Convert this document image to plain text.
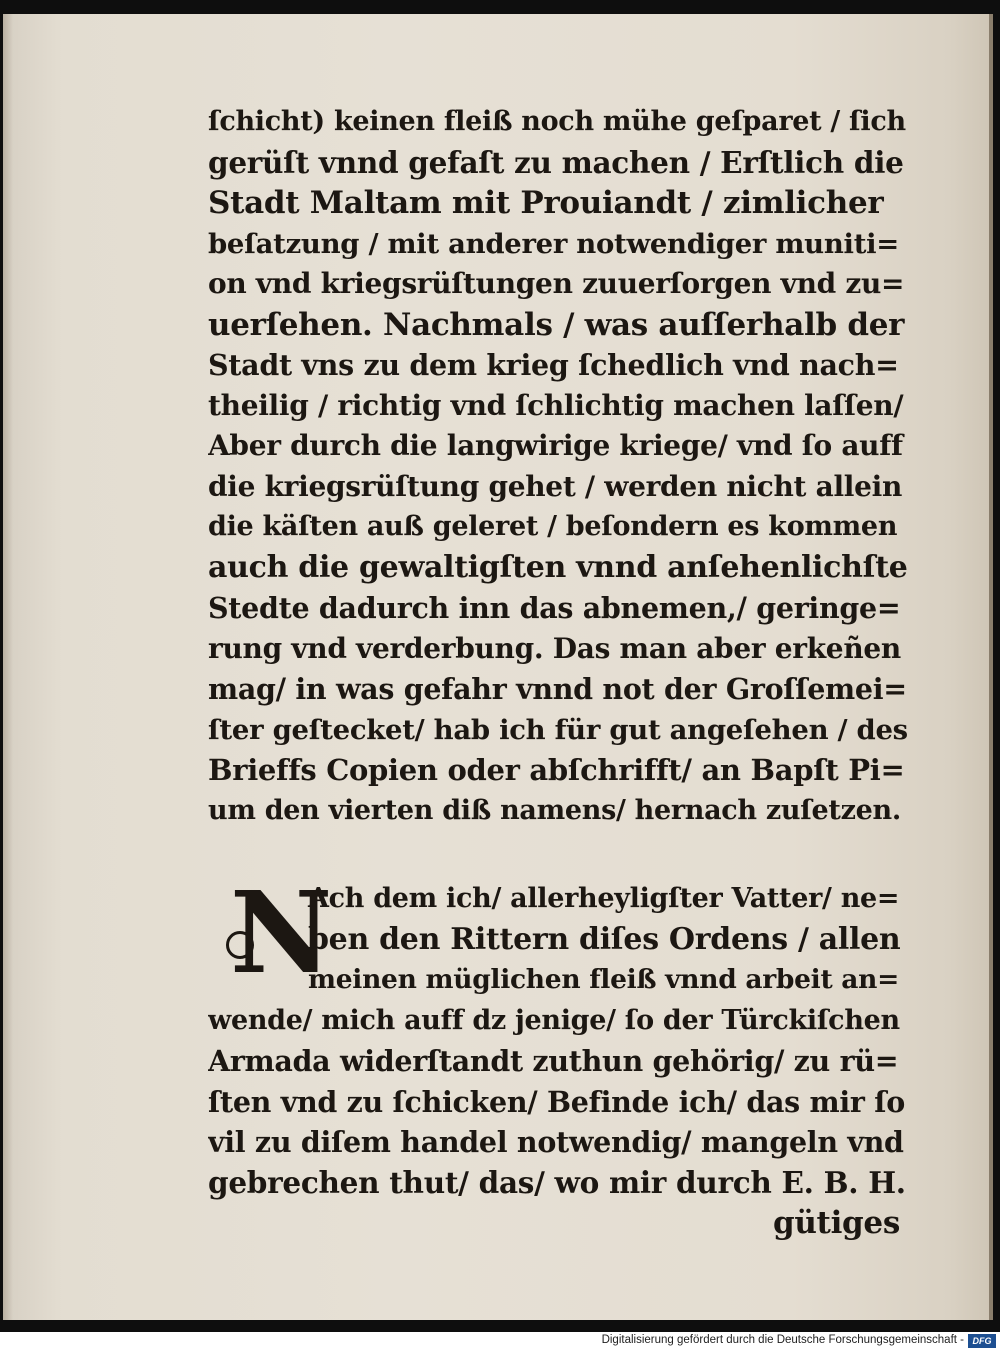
ſchicht) keinen fleiß noch mühe geſparet / ſich
gerüſt vnnd gefaſt zu machen / Erſtlich die
Stadt Maltam mit Prouiandt / zimlicher
beſatzung / mit anderer notwendiger muniti=
on vnd kriegsrüſtungen zuuerſorgen vnd zu=
uerſehen. Nachmals / was auſſerhalb der
Stadt vns zu dem krieg ſchedlich vnd nach=
theilig / richtig vnd ſchlichtig machen laſſen/
Aber durch die langwirige kriege/ vnd ſo auff
die kriegsrüſtung gehet / werden nicht allein
die käſten auß geleret / beſondern es kommen
auch die gewaltigſten vnnd anſehenlichſte
Stedte dadurch inn das abnemen,/ geringe=
rung vnd verderbung. Das man aber erkeñen
mag/ in was gefahr vnnd not der Groſſemei=
ſter geſtecket/ hab ich für gut angeſehen / des
Brieffs Copien oder abſchrifft/ an Bapſt Pi=
um den vierten diß namens/ hernach zuſetzen.
N
Ach dem ich/ allerheyligſter Vatter/ ne=
ben den Rittern diſes Ordens / allen
meinen müglichen fleiß vnnd arbeit an=
wende/ mich auff dz jenige/ ſo der Türckiſchen
Armada widerſtandt zuthun gehörig/ zu rü=
ſten vnd zu ſchicken/ Befinde ich/ das mir ſo
vil zu diſem handel notwendig/ mangeln vnd
gebrechen thut/ das/ wo mir durch E. B. H.
gütiges
Digitalisierung gefördert durch die Deutsche Forschungsgemeinschaft - DFG
